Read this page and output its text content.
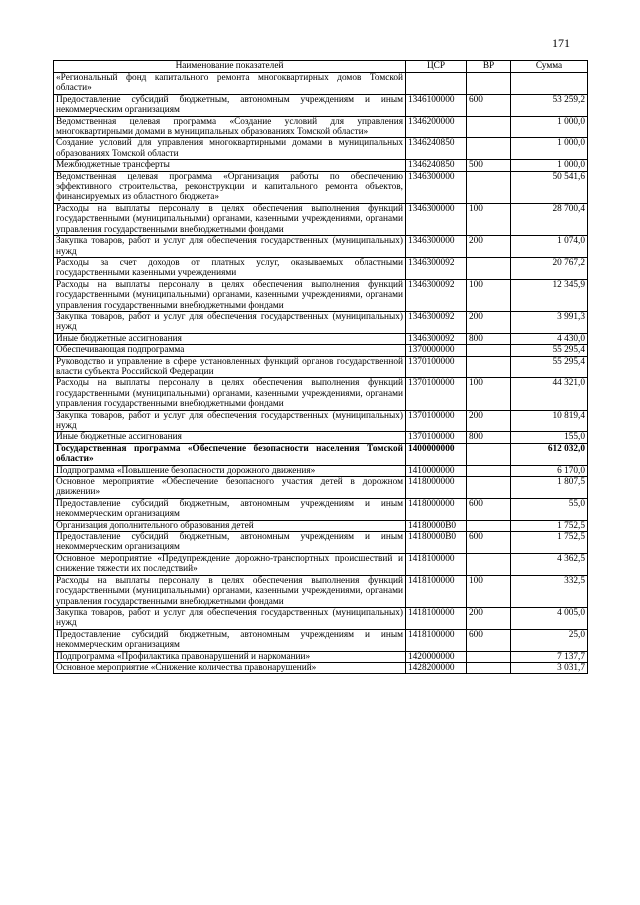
171
Наименование показателей	ЦСР	ВР	Сумма
«Региональный фонд капитального ремонта многоквартирных домов Томской области»			
Предоставление субсидий бюджетным, автономным учреждениям и иным некоммерческим организациям	1346100000	600	53 259,2
Ведомственная целевая программа «Создание условий для управления многоквартирными домами в муниципальных образованиях Томской области»	1346200000		1 000,0
Создание условий для управления многоквартирными домами в муниципальных образованиях Томской области	1346240850		1 000,0
Межбюджетные трансферты	1346240850	500	1 000,0
Ведомственная целевая программа «Организация работы по обеспечению эффективного строительства, реконструкции и капитального ремонта объектов, финансируемых из областного бюджета»	1346300000		50 541,6
Расходы на выплаты персоналу в целях обеспечения выполнения функций государственными (муниципальными) органами, казенными учреждениями, органами управления государственными внебюджетными фондами	1346300000	100	28 700,4
Закупка товаров, работ и услуг для обеспечения государственных (муниципальных) нужд	1346300000	200	1 074,0
Расходы за счет доходов от платных услуг, оказываемых областными государственными казенными учреждениями	1346300092		20 767,2
Расходы на выплаты персоналу в целях обеспечения выполнения функций государственными (муниципальными) органами, казенными учреждениями, органами управления государственными внебюджетными фондами	1346300092	100	12 345,9
Закупка товаров, работ и услуг для обеспечения государственных (муниципальных) нужд	1346300092	200	3 991,3
Иные бюджетные ассигнования	1346300092	800	4 430,0
Обеспечивающая подпрограмма	1370000000		55 295,4
Руководство и управление в сфере установленных функций органов государственной власти субъекта Российской Федерации	1370100000		55 295,4
Расходы на выплаты персоналу в целях обеспечения выполнения функций государственными (муниципальными) органами, казенными учреждениями, органами управления государственными внебюджетными фондами	1370100000	100	44 321,0
Закупка товаров, работ и услуг для обеспечения государственных (муниципальных) нужд	1370100000	200	10 819,4
Иные бюджетные ассигнования	1370100000	800	155,0
Государственная программа «Обеспечение безопасности населения Томской области»	1400000000		612 032,0
Подпрограмма «Повышение безопасности дорожного движения»	1410000000		6 170,0
Основное мероприятие «Обеспечение безопасного участия детей в дорожном движении»	1418000000		1 807,5
Предоставление субсидий бюджетным, автономным учреждениям и иным некоммерческим организациям	1418000000	600	55,0
Организация дополнительного образования детей	14180000В0		1 752,5
Предоставление субсидий бюджетным, автономным учреждениям и иным некоммерческим организациям	14180000В0	600	1 752,5
Основное мероприятие «Предупреждение дорожно-транспортных происшествий и снижение тяжести их последствий»	1418100000		4 362,5
Расходы на выплаты персоналу в целях обеспечения выполнения функций государственными (муниципальными) органами, казенными учреждениями, органами управления государственными внебюджетными фондами	1418100000	100	332,5
Закупка товаров, работ и услуг для обеспечения государственных (муниципальных) нужд	1418100000	200	4 005,0
Предоставление субсидий бюджетным, автономным учреждениям и иным некоммерческим организациям	1418100000	600	25,0
Подпрограмма «Профилактика правонарушений и наркомании»	1420000000		7 137,7
Основное мероприятие «Снижение количества правонарушений»	1428200000		3 031,7
